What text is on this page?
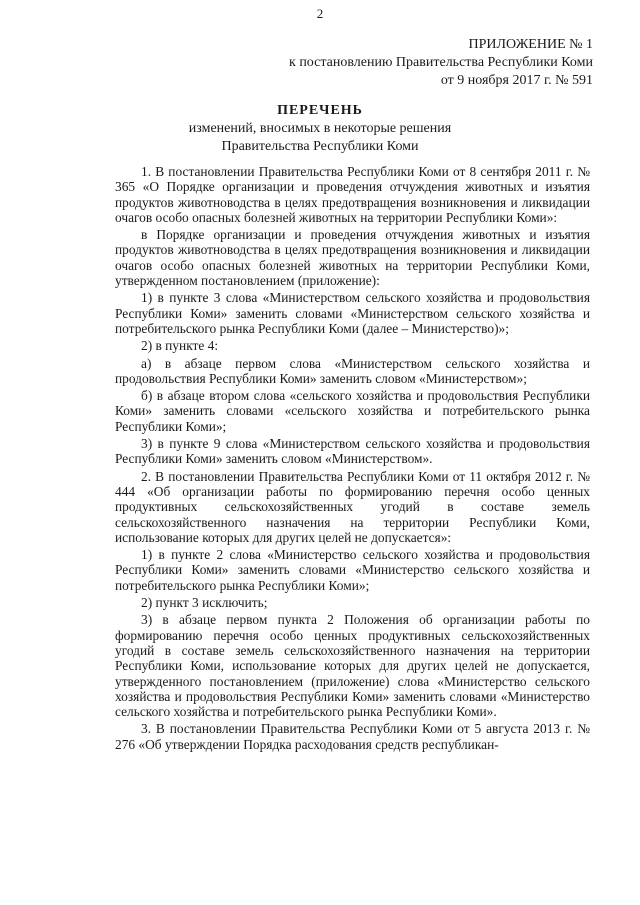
2
ПРИЛОЖЕНИЕ № 1
к постановлению Правительства Республики Коми
от 9 ноября 2017 г. № 591
ПЕРЕЧЕНЬ
изменений, вносимых в некоторые решения
Правительства Республики Коми

1. В постановлении Правительства Республики Коми от 8 сентября 2011 г. № 365 «О Порядке организации и проведения отчуждения животных и изъятия продуктов животноводства в целях предотвращения возникновения и ликвидации очагов особо опасных болезней животных на территории Республики Коми»:

в Порядке организации и проведения отчуждения животных и изъятия продуктов животноводства в целях предотвращения возникновения и ликвидации очагов особо опасных болезней животных на территории Республики Коми, утвержденном постановлением (приложение):

1) в пункте 3 слова «Министерством сельского хозяйства и продовольствия Республики Коми» заменить словами «Министерством сельского хозяйства и потребительского рынка Республики Коми (далее – Министерство)»;

2) в пункте 4:

а) в абзаце первом слова «Министерством сельского хозяйства и продовольствия Республики Коми» заменить словом «Министерством»;

б) в абзаце втором слова «сельского хозяйства и продовольствия Республики Коми» заменить словами «сельского хозяйства и потребительского рынка Республики Коми»;

3) в пункте 9 слова «Министерством сельского хозяйства и продовольствия Республики Коми» заменить словом «Министерством».

2. В постановлении Правительства Республики Коми от 11 октября 2012 г. № 444 «Об организации работы по формированию перечня особо ценных продуктивных сельскохозяйственных угодий в составе земель сельскохозяйственного назначения на территории Республики Коми, использование которых для других целей не допускается»:

1) в пункте 2 слова «Министерство сельского хозяйства и продовольствия Республики Коми» заменить словами «Министерство сельского хозяйства и потребительского рынка Республики Коми»;

2) пункт 3 исключить;

3) в абзаце первом пункта 2 Положения об организации работы по формированию перечня особо ценных продуктивных сельскохозяйственных угодий в составе земель сельскохозяйственного назначения на территории Республики Коми, использование которых для других целей не допускается, утвержденного постановлением (приложение) слова «Министерство сельского хозяйства и продовольствия Республики Коми» заменить словами «Министерство сельского хозяйства и потребительского рынка Республики Коми».

3. В постановлении Правительства Республики Коми от 5 августа 2013 г. № 276 «Об утверждении Порядка расходования средств республикан-
